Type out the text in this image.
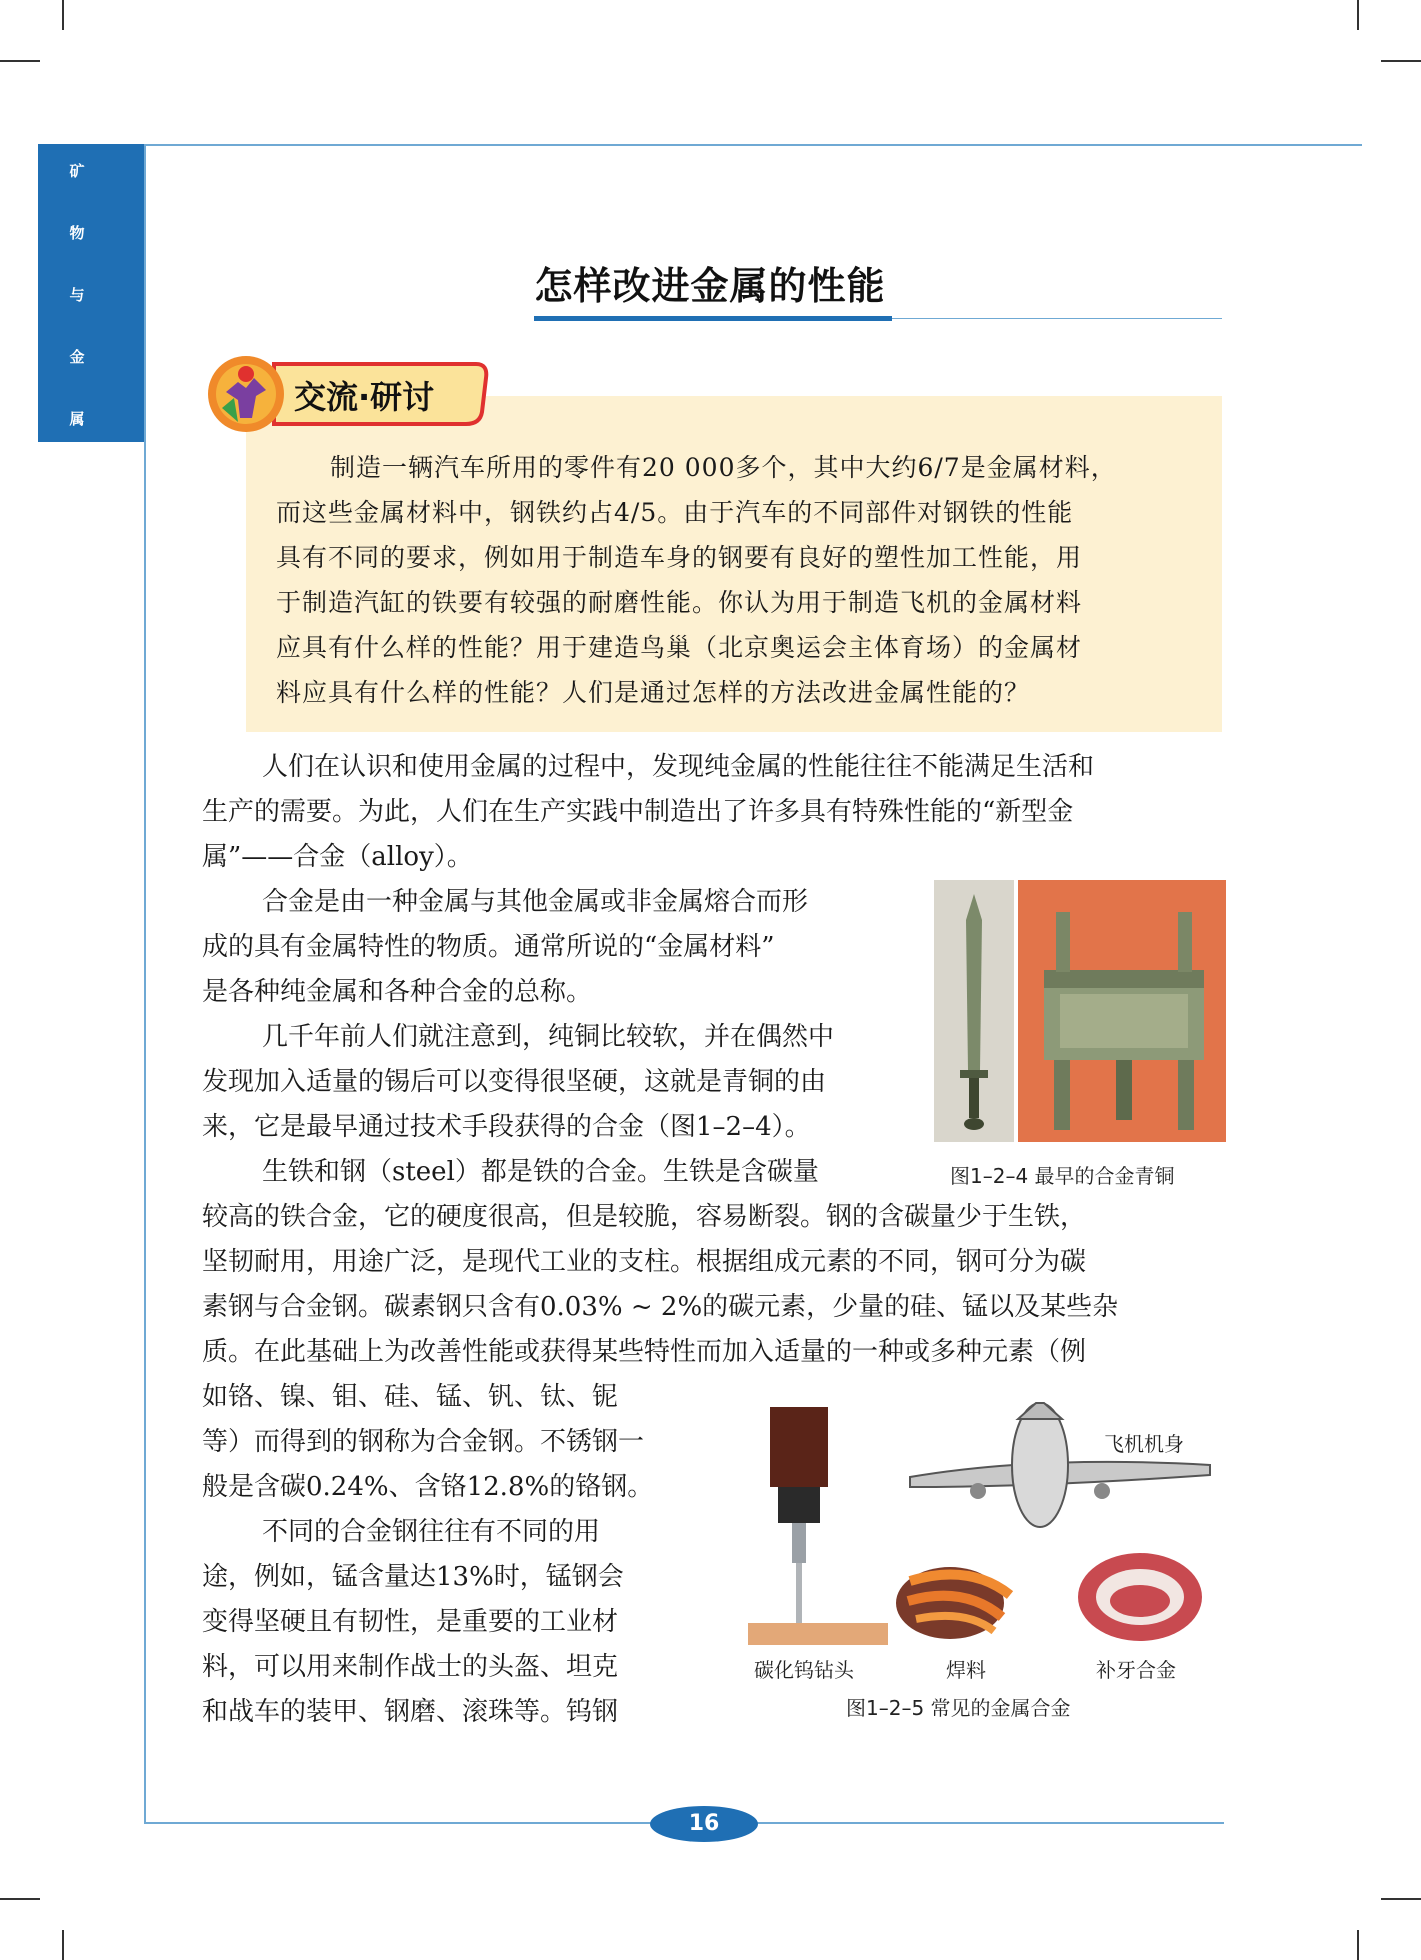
矿
物
与
金
属
怎样改进金属的性能
交流·研讨
制造一辆汽车所用的零件有20 000多个，其中大约6/7是金属材料，
而这些金属材料中，钢铁约占4/5。由于汽车的不同部件对钢铁的性能
具有不同的要求，例如用于制造车身的钢要有良好的塑性加工性能，用
于制造汽缸的铁要有较强的耐磨性能。你认为用于制造飞机的金属材料
应具有什么样的性能？用于建造鸟巢（北京奥运会主体育场）的金属材
料应具有什么样的性能？人们是通过怎样的方法改进金属性能的？
人们在认识和使用金属的过程中，发现纯金属的性能往往不能满足生活和
生产的需要。为此，人们在生产实践中制造出了许多具有特殊性能的“新型金
属”——合金（alloy）。
合金是由一种金属与其他金属或非金属熔合而形
成的具有金属特性的物质。通常所说的“金属材料”
是各种纯金属和各种合金的总称。
几千年前人们就注意到，纯铜比较软，并在偶然中
发现加入适量的锡后可以变得很坚硬，这就是青铜的由
来，它是最早通过技术手段获得的合金（图1–2–4）。
生铁和钢（steel）都是铁的合金。生铁是含碳量
较高的铁合金，它的硬度很高，但是较脆，容易断裂。钢的含碳量少于生铁，
坚韧耐用，用途广泛，是现代工业的支柱。根据组成元素的不同，钢可分为碳
素钢与合金钢。碳素钢只含有0.03% ~ 2%的碳元素，少量的硅、锰以及某些杂
质。在此基础上为改善性能或获得某些特性而加入适量的一种或多种元素（例
如铬、镍、钼、硅、锰、钒、钛、铌
等）而得到的钢称为合金钢。不锈钢一
般是含碳0.24%、含铬12.8%的铬钢。
不同的合金钢往往有不同的用
途，例如，锰含量达13%时，锰钢会
变得坚硬且有韧性，是重要的工业材
料，可以用来制作战士的头盔、坦克
和战车的装甲、钢磨、滚珠等。钨钢
图1–2–4 最早的合金青铜
飞机机身
碳化钨钻头	焊料	补牙合金
图1–2–5 常见的金属合金
16
